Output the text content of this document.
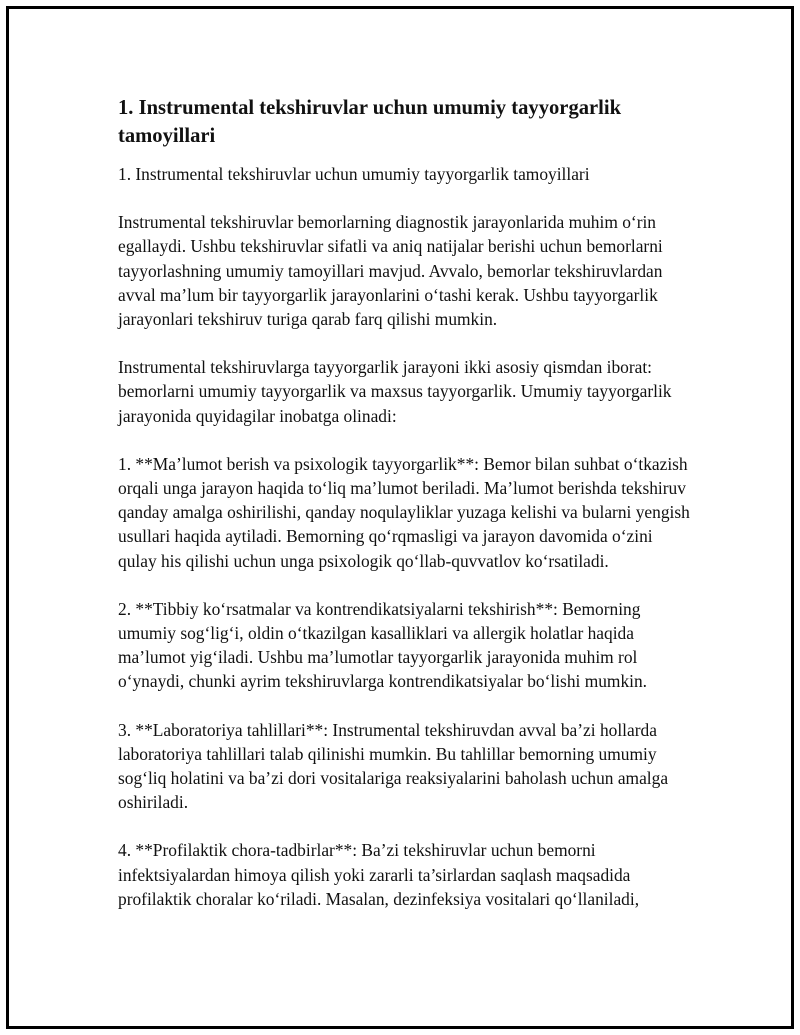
1. Instrumental tekshiruvlar uchun umumiy tayyorgarlik tamoyillari

1. Instrumental tekshiruvlar uchun umumiy tayyorgarlik tamoyillari

Instrumental tekshiruvlar bemorlarning diagnostik jarayonlarida muhim o‘rin egallaydi. Ushbu tekshiruvlar sifatli va aniq natijalar berishi uchun bemorlarni tayyorlashning umumiy tamoyillari mavjud. Avvalo, bemorlar tekshiruvlardan avval ma’lum bir tayyorgarlik jarayonlarini o‘tashi kerak. Ushbu tayyorgarlik jarayonlari tekshiruv turiga qarab farq qilishi mumkin.

Instrumental tekshiruvlarga tayyorgarlik jarayoni ikki asosiy qismdan iborat: bemorlarni umumiy tayyorgarlik va maxsus tayyorgarlik. Umumiy tayyorgarlik jarayonida quyidagilar inobatga olinadi:

1. **Ma’lumot berish va psixologik tayyorgarlik**: Bemor bilan suhbat o‘tkazish orqali unga jarayon haqida to‘liq ma’lumot beriladi. Ma’lumot berishda tekshiruv qanday amalga oshirilishi, qanday noqulayliklar yuzaga kelishi va bularni yengish usullari haqida aytiladi. Bemorning qo‘rqmasligi va jarayon davomida o‘zini qulay his qilishi uchun unga psixologik qo‘llab-quvvatlov ko‘rsatiladi.

2. **Tibbiy ko‘rsatmalar va kontrendikatsiyalarni tekshirish**: Bemorning umumiy sog‘lig‘i, oldin o‘tkazilgan kasalliklari va allergik holatlar haqida ma’lumot yig‘iladi. Ushbu ma’lumotlar tayyorgarlik jarayonida muhim rol o‘ynaydi, chunki ayrim tekshiruvlarga kontrendikatsiyalar bo‘lishi mumkin.

3. **Laboratoriya tahlillari**: Instrumental tekshiruvdan avval ba’zi hollarda laboratoriya tahlillari talab qilinishi mumkin. Bu tahlillar bemorning umumiy sog‘liq holatini va ba’zi dori vositalariga reaksiyalarini baholash uchun amalga oshiriladi.

4. **Profilaktik chora-tadbirlar**: Ba’zi tekshiruvlar uchun bemorni infektsiyalardan himoya qilish yoki zararli ta’sirlardan saqlash maqsadida profilaktik choralar ko‘riladi. Masalan, dezinfeksiya vositalari qo‘llaniladi,
